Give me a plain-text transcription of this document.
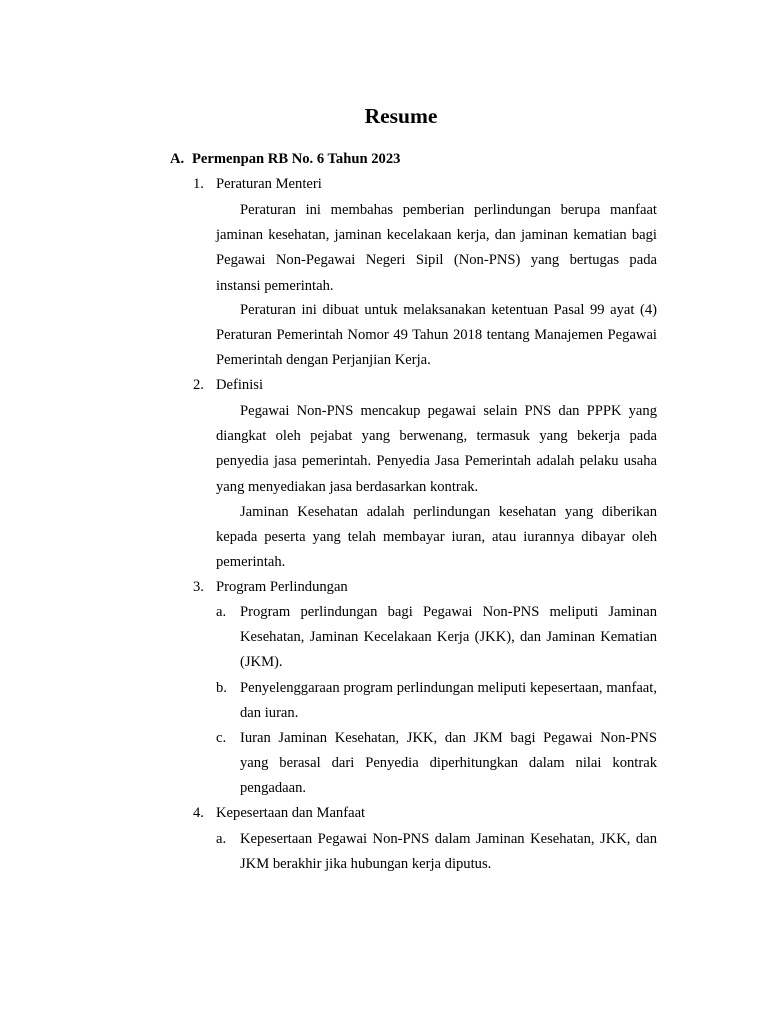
Resume
A. Permenpan RB No. 6 Tahun 2023
1. Peraturan Menteri

Peraturan ini membahas pemberian perlindungan berupa manfaat jaminan kesehatan, jaminan kecelakaan kerja, dan jaminan kematian bagi Pegawai Non-Pegawai Negeri Sipil (Non-PNS) yang bertugas pada instansi pemerintah.

Peraturan ini dibuat untuk melaksanakan ketentuan Pasal 99 ayat (4) Peraturan Pemerintah Nomor 49 Tahun 2018 tentang Manajemen Pegawai Pemerintah dengan Perjanjian Kerja.

2. Definisi

Pegawai Non-PNS mencakup pegawai selain PNS dan PPPK yang diangkat oleh pejabat yang berwenang, termasuk yang bekerja pada penyedia jasa pemerintah. Penyedia Jasa Pemerintah adalah pelaku usaha yang menyediakan jasa berdasarkan kontrak.

Jaminan Kesehatan adalah perlindungan kesehatan yang diberikan kepada peserta yang telah membayar iuran, atau iurannya dibayar oleh pemerintah.

3. Program Perlindungan
a. Program perlindungan bagi Pegawai Non-PNS meliputi Jaminan Kesehatan, Jaminan Kecelakaan Kerja (JKK), dan Jaminan Kematian (JKM).
b. Penyelenggaraan program perlindungan meliputi kepesertaan, manfaat, dan iuran.
c. Iuran Jaminan Kesehatan, JKK, dan JKM bagi Pegawai Non-PNS yang berasal dari Penyedia diperhitungkan dalam nilai kontrak pengadaan.
4. Kepesertaan dan Manfaat
a. Kepesertaan Pegawai Non-PNS dalam Jaminan Kesehatan, JKK, dan JKM berakhir jika hubungan kerja diputus.
